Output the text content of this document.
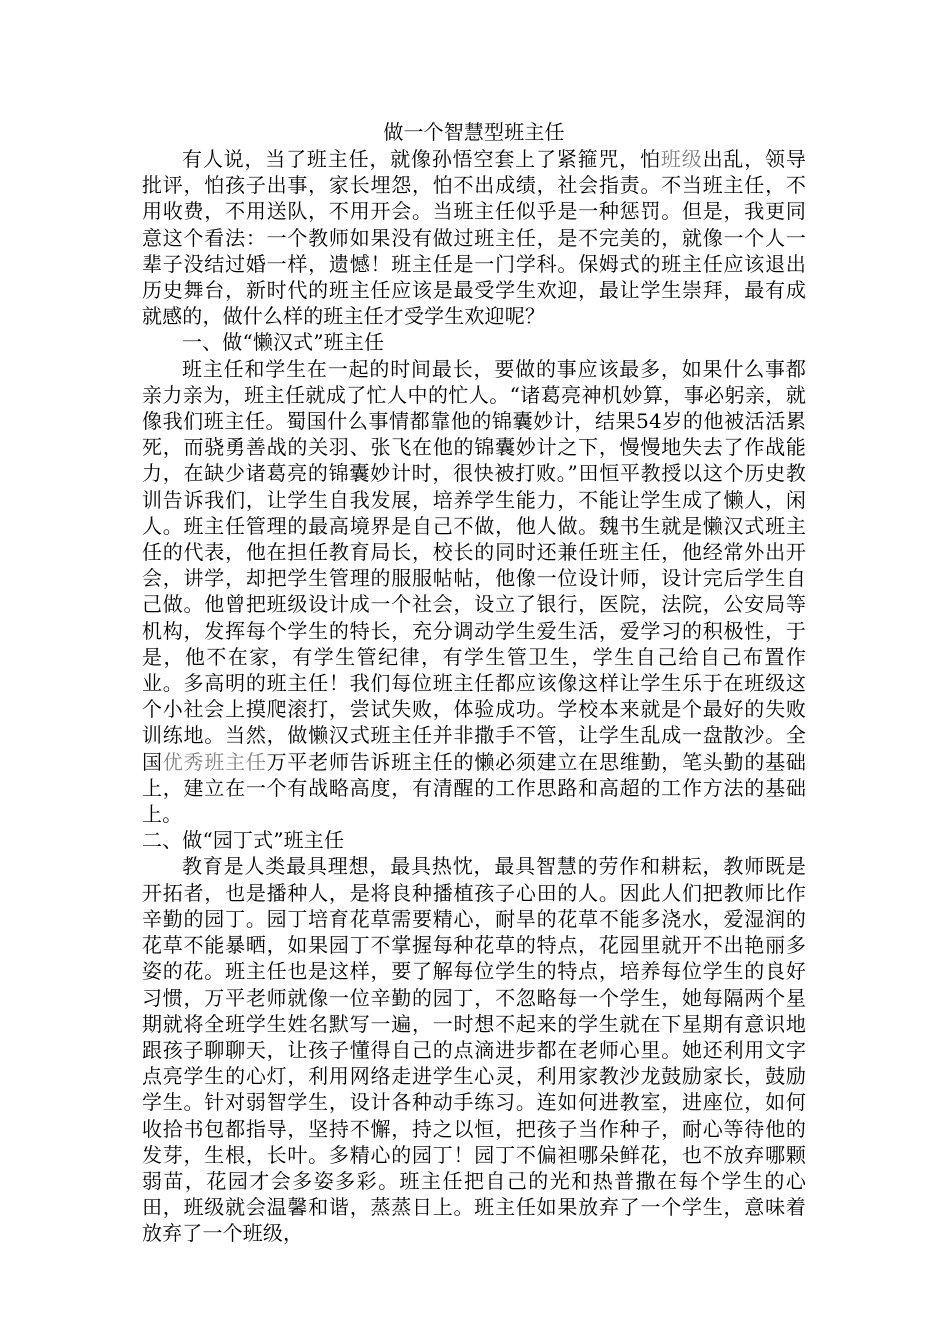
做一个智慧型班主任

有人说，当了班主任，就像孙悟空套上了紧箍咒，怕班级出乱，领导批评，怕孩子出事，家长埋怨，怕不出成绩，社会指责。不当班主任，不用收费，不用送队，不用开会。当班主任似乎是一种惩罚。但是，我更同意这个看法：一个教师如果没有做过班主任，是不完美的，就像一个人一辈子没结过婚一样，遗憾！班主任是一门学科。保姆式的班主任应该退出历史舞台，新时代的班主任应该是最受学生欢迎，最让学生崇拜，最有成就感的，做什么样的班主任才受学生欢迎呢？

一、做“懒汉式”班主任

班主任和学生在一起的时间最长，要做的事应该最多，如果什么事都亲力亲为，班主任就成了忙人中的忙人。“诸葛亮神机妙算，事必躬亲，就像我们班主任。蜀国什么事情都靠他的锦囊妙计，结果54岁的他被活活累死，而骁勇善战的关羽、张飞在他的锦囊妙计之下，慢慢地失去了作战能力，在缺少诸葛亮的锦囊妙计时，很快被打败。”田恒平教授以这个历史教训告诉我们，让学生自我发展，培养学生能力，不能让学生成了懒人，闲人。班主任管理的最高境界是自己不做，他人做。魏书生就是懒汉式班主任的代表，他在担任教育局长，校长的同时还兼任班主任，他经常外出开会，讲学，却把学生管理的服服帖帖，他像一位设计师，设计完后学生自己做。他曾把班级设计成一个社会，设立了银行，医院，法院，公安局等机构，发挥每个学生的特长，充分调动学生爱生活，爱学习的积极性，于是，他不在家，有学生管纪律，有学生管卫生，学生自己给自己布置作业。多高明的班主任！我们每位班主任都应该像这样让学生乐于在班级这个小社会上摸爬滚打，尝试失败，体验成功。学校本来就是个最好的失败训练地。当然，做懒汉式班主任并非撒手不管，让学生乱成一盘散沙。全国优秀班主任万平老师告诉班主任的懒必须建立在思维勤，笔头勤的基础上，建立在一个有战略高度，有清醒的工作思路和高超的工作方法的基础上。

二、做“园丁式”班主任

教育是人类最具理想，最具热忱，最具智慧的劳作和耕耘，教师既是开拓者，也是播种人，是将良种播植孩子心田的人。因此人们把教师比作辛勤的园丁。园丁培育花草需要精心，耐旱的花草不能多浇水，爱湿润的花草不能暴晒，如果园丁不掌握每种花草的特点，花园里就开不出艳丽多姿的花。班主任也是这样，要了解每位学生的特点，培养每位学生的良好习惯，万平老师就像一位辛勤的园丁，不忽略每一个学生，她每隔两个星期就将全班学生姓名默写一遍，一时想不起来的学生就在下星期有意识地跟孩子聊聊天，让孩子懂得自己的点滴进步都在老师心里。她还利用文字点亮学生的心灯，利用网络走进学生心灵，利用家教沙龙鼓励家长，鼓励学生。针对弱智学生，设计各种动手练习。连如何进教室，进座位，如何收拾书包都指导，坚持不懈，持之以恒，把孩子当作种子，耐心等待他的发芽，生根，长叶。多精心的园丁！园丁不偏袒哪朵鲜花，也不放弃哪颗弱苗，花园才会多姿多彩。班主任把自己的光和热普撒在每个学生的心田，班级就会温馨和谐，蒸蒸日上。班主任如果放弃了一个学生，意味着放弃了一个班级，
